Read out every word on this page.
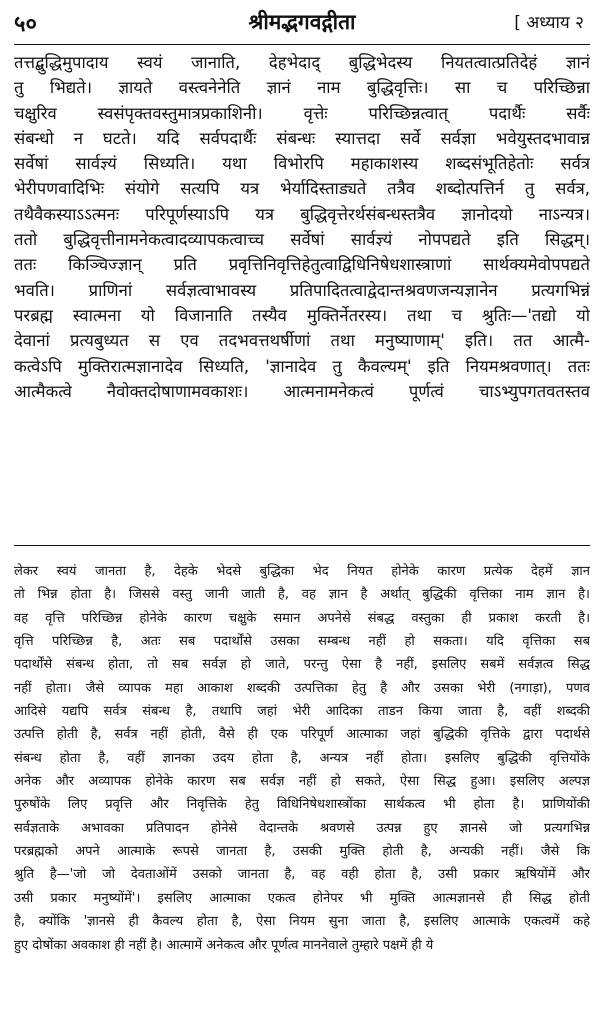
५०	श्रीमद्भगवद्गीता	[ अध्याय २
तत्तद्बुद्धिमुपादाय स्वयं जानाति, देहभेदाद् बुद्धिभेदस्य नियतत्वात्प्रतिदेहं ज्ञानं
तु भिद्यते। ज्ञायते वस्त्वनेनेति ज्ञानं नाम बुद्धिवृत्तिः। सा च परिच्छिन्ना
चक्षुरिव स्वसंपृक्तवस्तुमात्रप्रकाशिनी। वृत्तेः परिच्छिन्नत्वात् पदार्थैः सर्वैः
संबन्धो न घटते। यदि सर्वपदार्थैः संबन्धः स्यात्तदा सर्वे सर्वज्ञा भवेयुस्तदभावान्न
सर्वेषां सार्वज्ञ्यं सिध्यति। यथा विभोरपि महाकाशस्य शब्दसंभूतिहेतोः सर्वत्र
भेरीपणवादिभिः संयोगे सत्यपि यत्र भेर्यादिस्ताड्यते तत्रैव शब्दोत्पत्तिर्न तु सर्वत्र,
तथैवैकस्याऽऽत्मनः परिपूर्णस्याऽपि यत्र बुद्धिवृत्तेरर्थसंबन्धस्तत्रैव ज्ञानोदयो नाऽन्यत्र।
ततो बुद्धिवृत्तीनामनेकत्वादव्यापकत्वाच्च सर्वेषां सार्वज्ञ्यं नोपपद्यते इति सिद्धम्।
ततः किञ्चिज्ज्ञान् प्रति प्रवृत्तिनिवृत्तिहेतुत्वाद्विधिनिषेधशास्त्राणां सार्थक्यमेवोपपद्यते
भवति। प्राणिनां सर्वज्ञत्वाभावस्य प्रतिपादितत्वाद्वेदान्तश्रवणजन्यज्ञानेन प्रत्यगभिन्नं
परब्रह्म स्वात्मना यो विजानाति तस्यैव मुक्तिर्नेतरस्य। तथा च श्रुतिः—'तद्यो यो
देवानां प्रत्यबुध्यत स एव तदभवत्तथर्षीणां तथा मनुष्याणाम्' इति। तत आत्मै-
कत्वेऽपि मुक्तिरात्मज्ञानादेव सिध्यति, 'ज्ञानादेव तु कैवल्यम्' इति नियमश्रवणात्। ततः
आत्मैकत्वे नैवोक्तदोषाणामवकाशः। आत्मनामनेकत्वं पूर्णत्वं चाऽभ्युपगतवतस्तव
लेकर स्वयं जानता है, देहके भेदसे बुद्धिका भेद नियत होनेके कारण प्रत्येक देहमें ज्ञान
तो भिन्न होता है। जिससे वस्तु जानी जाती है, वह ज्ञान है अर्थात् बुद्धिकी वृत्तिका नाम ज्ञान है।
वह वृत्ति परिच्छिन्न होनेके कारण चक्षुके समान अपनेसे संबद्ध वस्तुका ही प्रकाश करती है।
वृत्ति परिच्छिन्न है, अतः सब पदार्थोंसे उसका सम्बन्ध नहीं हो सकता। यदि वृत्तिका सब
पदार्थोंसे संबन्ध होता, तो सब सर्वज्ञ हो जाते, परन्तु ऐसा है नहीं, इसलिए सबमें सर्वज्ञत्व सिद्ध
नहीं होता। जैसे व्यापक महा आकाश शब्दकी उत्पत्तिका हेतु है और उसका भेरी (नगाड़ा), पणव
आदिसे यद्यपि सर्वत्र संबन्ध है, तथापि जहां भेरी आदिका ताडन किया जाता है, वहीं शब्दकी
उत्पत्ति होती है, सर्वत्र नहीं होती, वैसे ही एक परिपूर्ण आत्माका जहां बुद्धिकी वृत्तिके द्वारा पदार्थसे
संबन्ध होता है, वहीं ज्ञानका उदय होता है, अन्यत्र नहीं होता। इसलिए बुद्धिकी वृत्तियोंके
अनेक और अव्यापक होनेके कारण सब सर्वज्ञ नहीं हो सकते, ऐसा सिद्ध हुआ। इसलिए अल्पज्ञ
पुरुषोंके लिए प्रवृत्ति और निवृत्तिके हेतु विधिनिषेधशास्त्रोंका सार्थकत्व भी होता है। प्राणियोंकी
सर्वज्ञताके अभावका प्रतिपादन होनेसे वेदान्तके श्रवणसे उत्पन्न हुए ज्ञानसे जो प्रत्यगभिन्न
परब्रह्मको अपने आत्माके रूपसे जानता है, उसकी मुक्ति होती है, अन्यकी नहीं। जैसे कि
श्रुति है—'जो जो देवताओंमें उसको जानता है, वह वही होता है, उसी प्रकार ऋषियोंमें और
उसी प्रकार मनुष्योंमें'। इसलिए आत्माका एकत्व होनेपर भी मुक्ति आत्मज्ञानसे ही सिद्ध होती
है, क्योंकि 'ज्ञानसे ही कैवल्य होता है, ऐसा नियम सुना जाता है, इसलिए आत्माके एकत्वमें कहे
हुए दोषोंका अवकाश ही नहीं है। आत्मामें अनेकत्व और पूर्णत्व माननेवाले तुम्हारे पक्षमें ही ये
